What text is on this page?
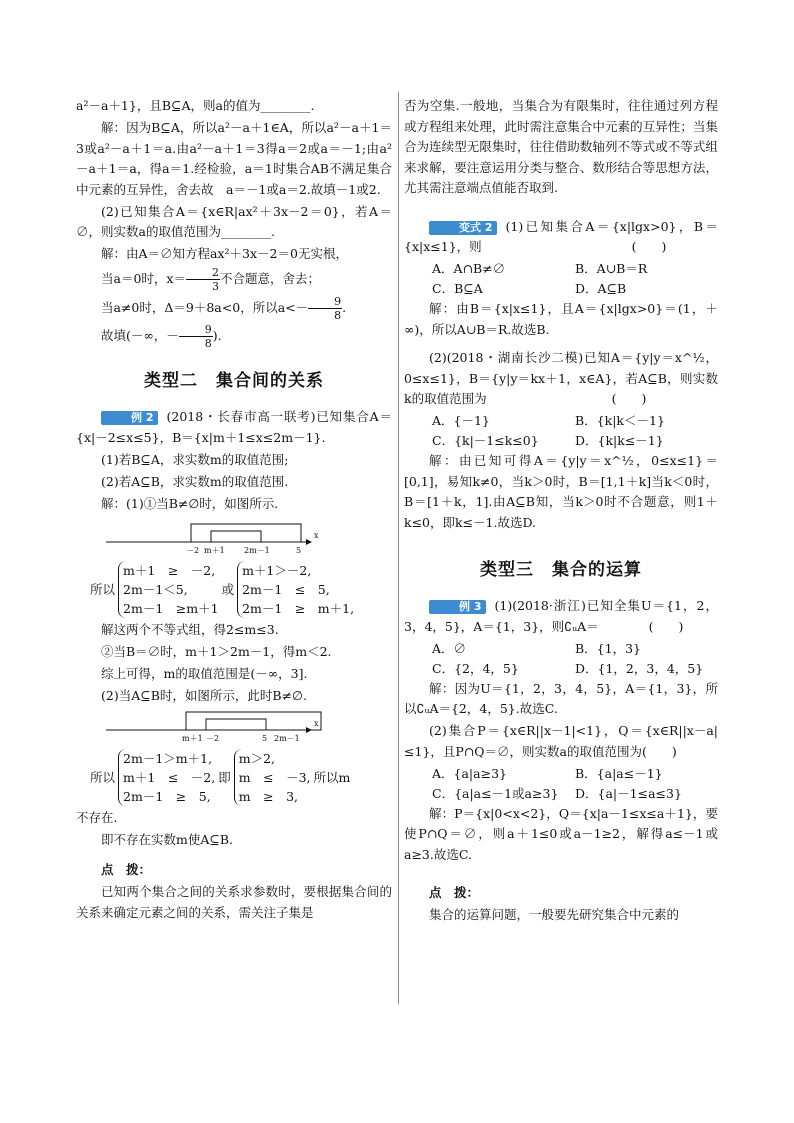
a²－a＋1}，且B⊆A，则a的值为________.

解：因为B⊆A，所以a²－a＋1∈A，所以a²－a＋1＝3或a²－a＋1＝a.由a²－a＋1＝3得a＝2或a＝－1;由a²－a＋1＝a，得a＝1.经检验，a＝1时集合AB不满足集合中元素的互异性，舍去故　a＝－1或a＝2.故填－1或2.

(2)已知集合A＝{x∈R|ax²＋3x－2＝0}，若A＝∅，则实数a的取值范围为________.

解：由A＝∅知方程ax²＋3x－2＝0无实根，

当a＝0时，$x= \frac{2}{3}$ 不合题意，舍去；

当a≠0时，Δ＝9＋8a<0，所以$a<- \frac{9}{8}$ .

故填(－∞，－ $\frac{9}{8}$ ).

类型二　集合间的关系

例 2 (2018・长春市高一联考)已知集合A＝{x|－2≤x≤5}，B＝{x|m＋1≤x≤2m－1}.

(1)若B⊆A，求实数m的取值范围;

(2)若A⊆B，求实数m的取值范围.

解：(1)①当B≠∅时，如图所示.

－2 m＋1 2m－1	5
x
所以
m＋1　≥　－2,
2m－1＜5,
2m－1　≥m＋1
或
m＋1＞－2,
2m－1　≤　5,
2m－1　≥　m＋1,

解这两个不等式组，得2≤m≤3.

②当B＝∅时，m＋1＞2m－1，得m＜2.

综上可得，m的取值范围是(－∞，3].

(2)当A⊆B时，如图所示，此时B≠∅.

m＋1 －2	5 2m－1
x
所以
2m－1＞m＋1,
m＋1　≤　－2,
2m－1　≥　5,
即
m＞2,
m　≤　－3,
m　≥　3,
所以m

不存在.

即不存在实数m使A⊆B.

点　拨：

已知两个集合之间的关系求参数时，要根据集合间的关系来确定元素之间的关系，需关注子集是

否为空集.一般地，当集合为有限集时，往往通过列方程或方程组来处理，此时需注意集合中元素的互异性；当集合为连续型无限集时，往往借助数轴列不等式或不等式组来求解，要注意运用分类与整合、数形结合等思想方法，尤其需注意端点值能否取到.

变式 2 (1)已知集合A＝{x|lgx>0}，B＝{x|x≤1}，则　　　　　　　　　　　　(　　)

A．A∩B≠∅	B．A∪B＝R
C．B⊆A	D．A⊆B

解：由B＝{x|x≤1}，且A＝{x|lgx>0}＝(1，＋∞)，所以A∪B＝R.故选B.

(2)(2018・湖南长沙二模)已知A＝{y|y＝x^½，0≤x≤1}，B＝{y|y＝kx＋1，x∈A}，若A⊆B，则实数k的取值范围为　　　　　　　　　　(　　)

A．{－1}	B．{k|k＜－1}
C．{k|－1≤k≤0}	D．{k|k≤－1}

解：由已知可得A＝{y|y＝x^½，0≤x≤1}＝[0,1]，易知k≠0，当k＞0时，B＝[1,1＋k]当k＜0时，B＝[1＋k，1].由A⊆B知，当k＞0时不合题意，则1＋k≤0，即k≤－1.故选D.

类型三　集合的运算

例 3 (1)(2018·浙江)已知全集U＝{1，2，3，4，5}，A＝{1，3}，则∁ᵤA＝　　　　(　　)

A．∅	B．{1，3}
C．{2，4，5}	D．{1，2，3，4，5}

解：因为U＝{1，2，3，4，5}，A＝{1，3}，所以∁ᵤA＝{2，4，5}.故选C.

(2)集合P＝{x∈R||x－1|<1}，Q＝{x∈R||x－a|≤1}，且P∩Q＝∅，则实数a的取值范围为(　　)

A．{a|a≥3}	B．{a|a≤－1}
C．{a|a≤－1或a≥3}	D．{a|－1≤a≤3}

解：P＝{x|0<x<2}，Q＝{x|a－1≤x≤a＋1}，要使P∩Q＝∅，则a＋1≤0或a－1≥2，解得a≤－1或a≥3.故选C.

点　拨：

集合的运算问题，一般要先研究集合中元素的
